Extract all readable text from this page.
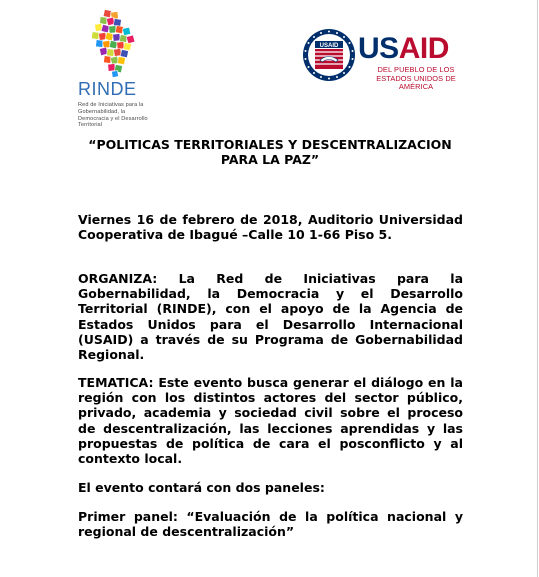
RINDE
Red de Iniciativas para la Gobernabilidad, la Democracia y el Desarrollo Territorial
USAID USAID
DEL PUEBLO DE LOS ESTADOS UNIDOS DE AMÉRICA
“POLITICAS TERRITORIALES Y DESCENTRALIZACION
PARA LA PAZ”
Viernes 16 de febrero de 2018, Auditorio Universidad Cooperativa de Ibagué –Calle 10 1-66 Piso 5.
ORGANIZA: La Red de Iniciativas para la Gobernabilidad, la Democracia y el Desarrollo Territorial (RINDE), con el apoyo de la Agencia de Estados Unidos para el Desarrollo Internacional (USAID) a través de su Programa de Gobernabilidad Regional.
TEMATICA: Este evento busca generar el diálogo en la región con los distintos actores del sector público, privado, academia y sociedad civil sobre el proceso de descentralización, las lecciones aprendidas y las propuestas de política de cara el posconflicto y al contexto local.
El evento contará con dos paneles:
Primer panel: “Evaluación de la política nacional y regional de descentralización”
